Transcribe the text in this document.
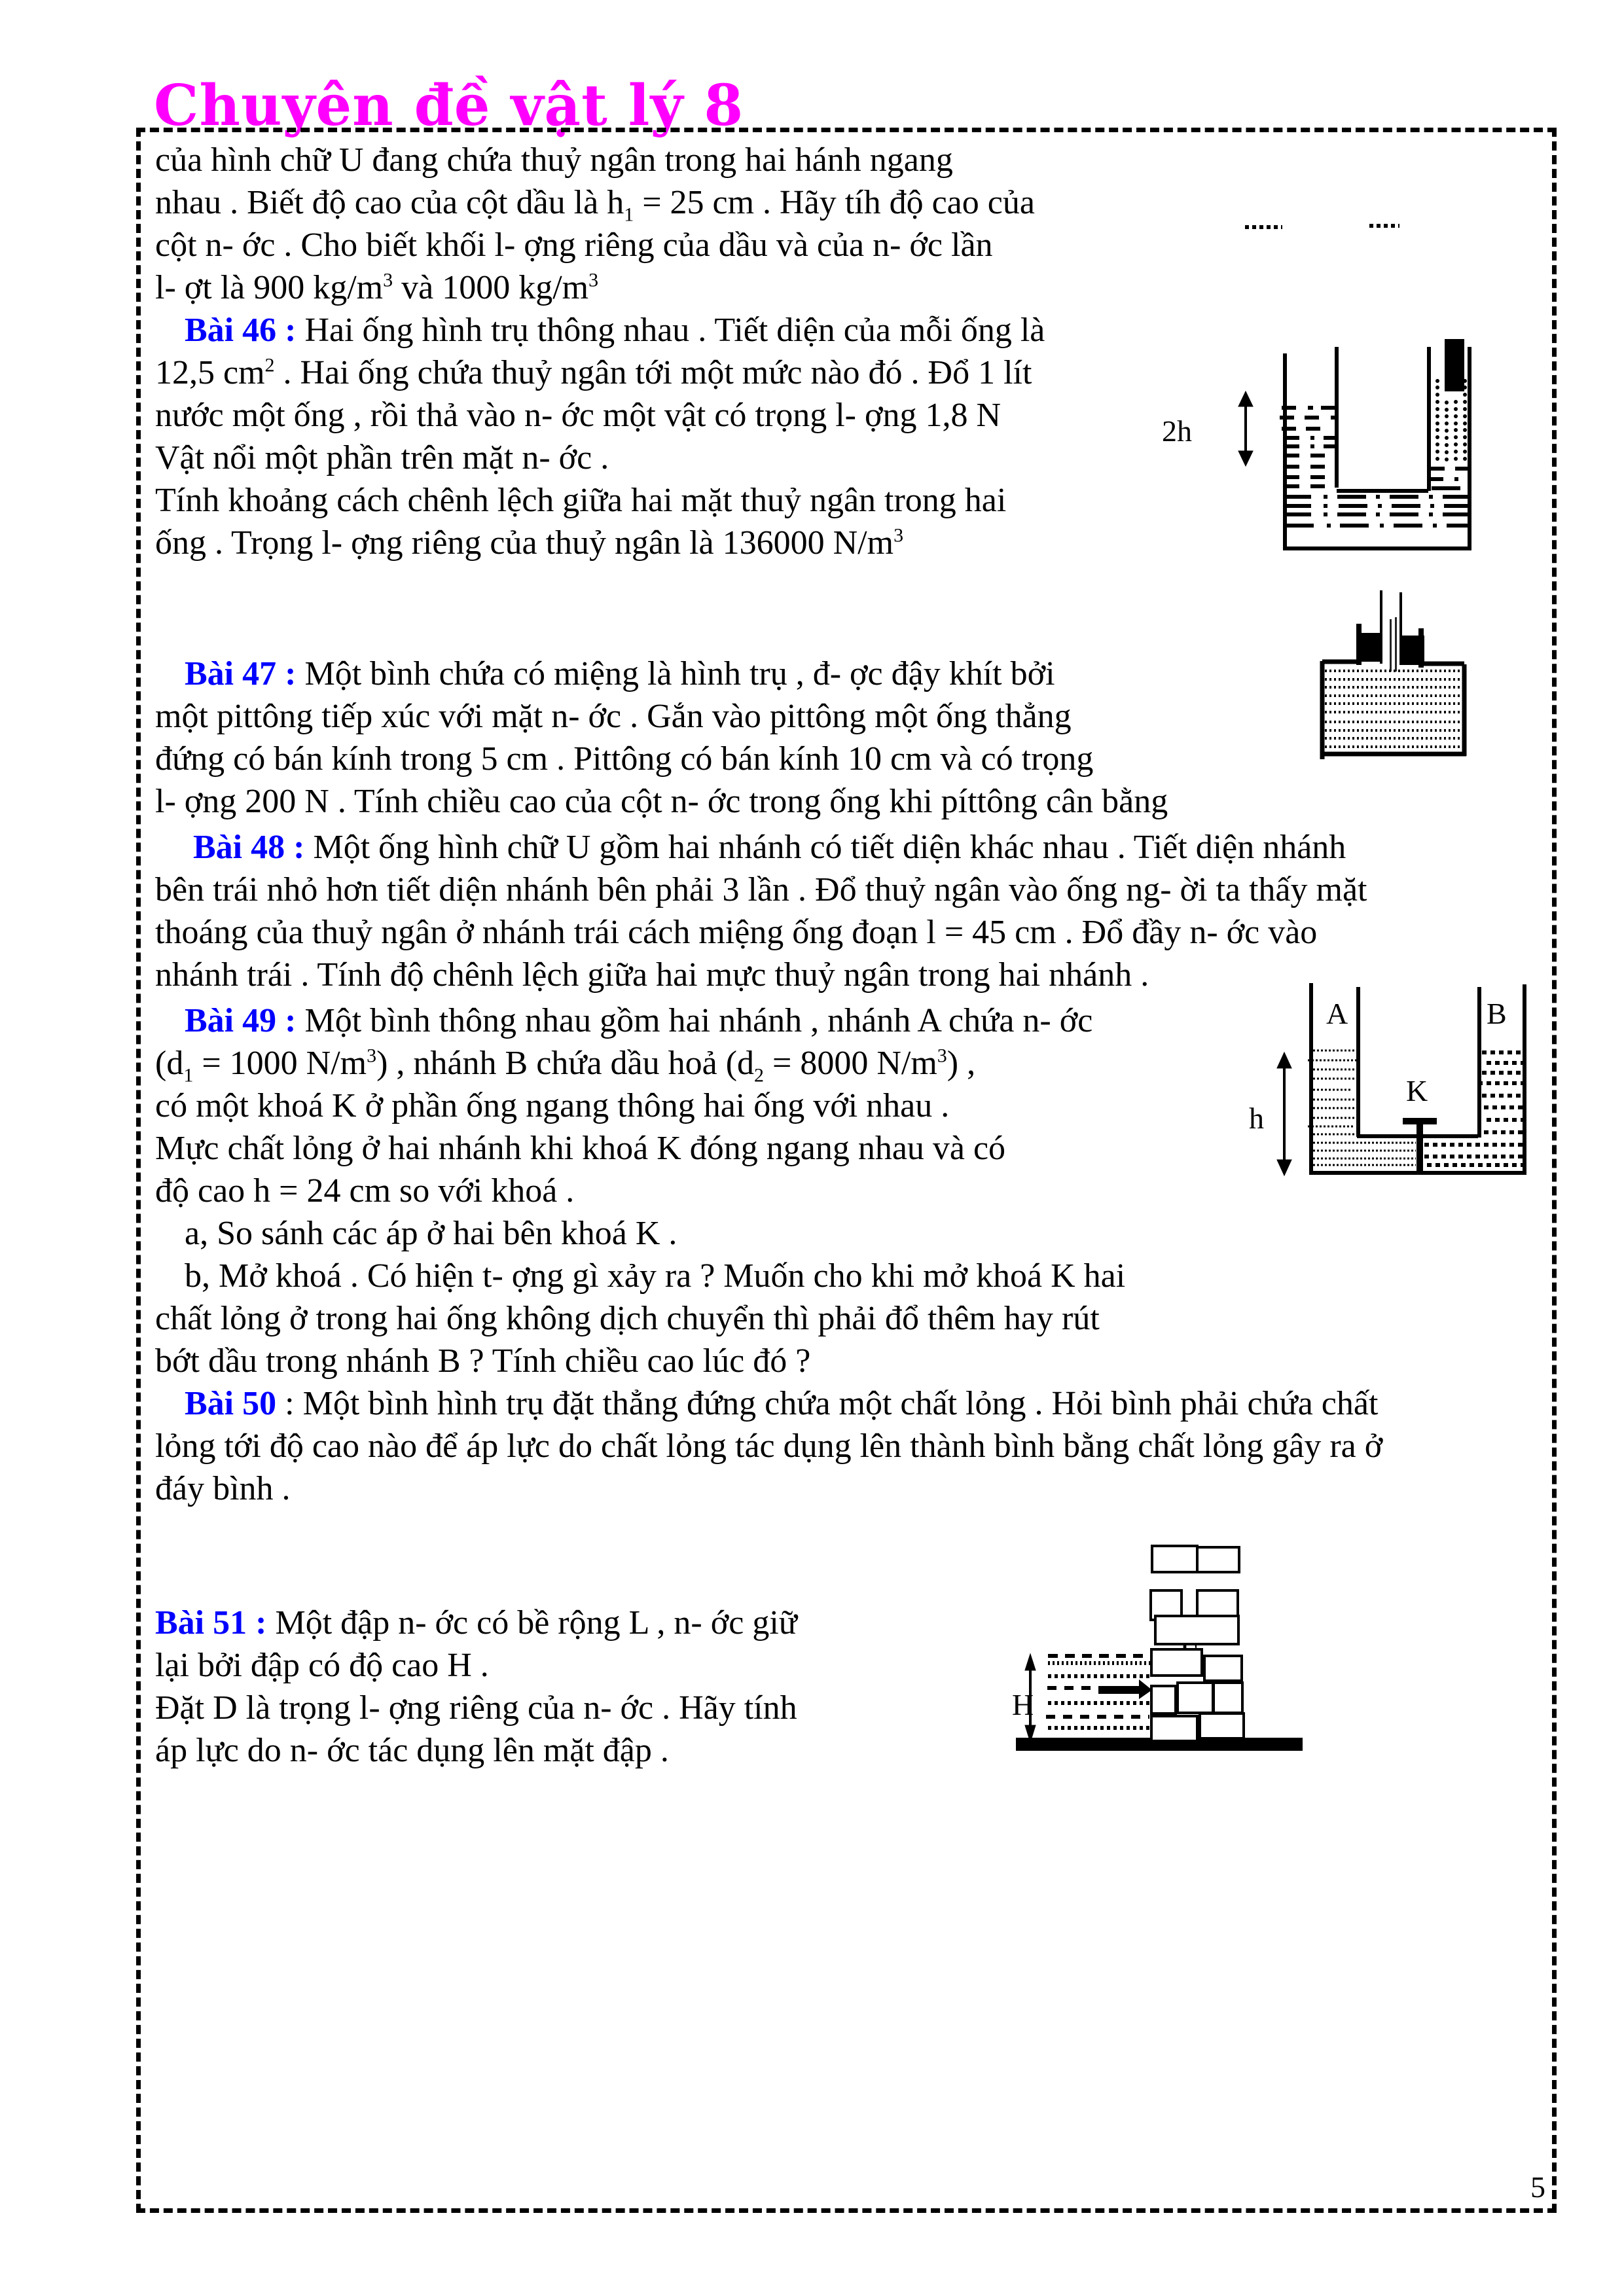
Chuyên đề vật lý 8
của hình chữ U đang chứa thuỷ ngân trong hai hánh ngang
nhau . Biết độ cao của cột dầu là $h_1 = 25$ cm . Hãy tíh độ cao của
cột n- ớc . Cho biết khối l- ợng riêng của dầu và của n- ớc lần
l- ợt là 900 $kg/m^3$ và 1000 $kg/m^3$
Bài 46 : Hai ống hình trụ thông nhau . Tiết diện của mỗi ống là
12,5 $cm^2$ . Hai ống chứa thuỷ ngân tới một mức nào đó . Đổ 1 lít
nước một ống , rồi thả vào n- ớc một vật có trọng l- ợng 1,8 N
Vật nổi một phần trên mặt n- ớc .
Tính khoảng cách chênh lệch giữa hai mặt thuỷ ngân trong hai
ống . Trọng l- ợng riêng của thuỷ ngân là 136000 $N/m^3$
2h
Bài 47 : Một bình chứa có miệng là hình trụ , đ- ợc đậy khít bởi
một pittông tiếp xúc với mặt n- ớc . Gắn vào pittông một ống thẳng
đứng có bán kính trong 5 cm . Pittông có bán kính 10 cm và có trọng
l- ợng 200 N . Tính chiều cao của cột n- ớc trong ống khi píttông cân bằng
Bài 48 : Một ống hình chữ U gồm hai nhánh có tiết diện khác nhau . Tiết diện nhánh
bên trái nhỏ hơn tiết diện nhánh bên phải 3 lần . Đổ thuỷ ngân vào ống ng- ời ta thấy mặt
thoáng của thuỷ ngân ở nhánh trái cách miệng ống đoạn l = 45 cm . Đổ đầy n- ớc vào
nhánh trái . Tính độ chênh lệch giữa hai mực thuỷ ngân trong hai nhánh .
Bài 49 : Một bình thông nhau gồm hai nhánh , nhánh A chứa n- ớc
($d_1 = 1000$ $N/m^3$) , nhánh B chứa dầu hoả ($d_2 = 8000$ $N/m^3$) ,
có một khoá K ở phần ống ngang thông hai ống với nhau .
Mực chất lỏng ở hai nhánh khi khoá K đóng ngang nhau và có
độ cao h = 24 cm so với khoá .
a, So sánh các áp ở hai bên khoá K .
b, Mở khoá . Có hiện t- ợng gì xảy ra ? Muốn cho khi mở khoá K hai
chất lỏng ở trong hai ống không dịch chuyển thì phải đổ thêm hay rút
bớt dầu trong nhánh B ? Tính chiều cao lúc đó ?
A	B
K
h
Bài 50 : Một bình hình trụ đặt thẳng đứng chứa một chất lỏng . Hỏi bình phải chứa chất
lỏng tới độ cao nào để áp lực do chất lỏng tác dụng lên thành bình bằng chất lỏng gây ra ở
đáy bình .
Bài 51 : Một đập n- ớc có bề rộng L , n- ớc giữ
lại bởi đập có độ cao H .
Đặt D là trọng l- ợng riêng của n- ớc . Hãy tính
áp lực do n- ớc tác dụng lên mặt đập .
H
5
